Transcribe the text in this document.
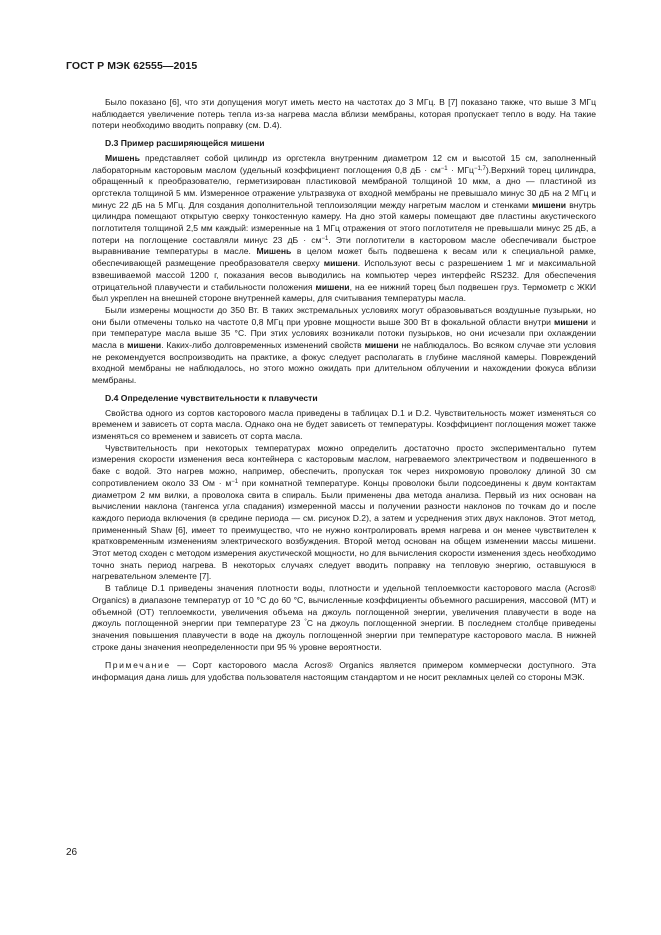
ГОСТ Р МЭК 62555—2015

Было показано [6], что эти допущения могут иметь место на частотах до 3 МГц. В [7] показано также, что выше 3 МГц наблюдается увеличение потерь тепла из-за нагрева масла вблизи мембраны, которая пропускает тепло в воду. На такие потери необходимо вводить поправку (см. D.4).

D.3 Пример расширяющейся мишени

Мишень представляет собой цилиндр из оргстекла внутренним диаметром 12 см и высотой 15 см, заполненный лабораторным касторовым маслом (удельный коэффициент поглощения 0,8 дБ · $см^{-1}$ · МГц$^{-1,7}$).Верхний торец цилиндра, обращенный к преобразователю, герметизирован пластиковой мембраной толщиной 10 мкм, а дно — пластиной из оргстекла толщиной 5 мм. Измеренное отражение ультразвука от входной мембраны не превышало минус 30 дБ на 2 МГц и минус 22 дБ на 5 МГц. Для создания дополнительной теплоизоляции между нагретым маслом и стенками мишени внутрь цилиндра помещают открытую сверху тонкостенную камеру. На дно этой камеры помещают две пластины акустического поглотителя толщиной 2,5 мм каждый: измеренные на 1 МГц отражения от этого поглотителя не превышали минус 25 дБ, а потери на поглощение составляли минус 23 дБ · $см^{-1}$. Эти поглотители в касторовом масле обеспечивали быстрое выравнивание температуры в масле. Мишень в целом может быть подвешена к весам или к специальной рамке, обеспечивающей размещение преобразователя сверху мишени. Используют весы с разрешением 1 мг и максимальной взвешиваемой массой 1200 г, показания весов выводились на компьютер через интерфейс RS232. Для обеспечения отрицательной плавучести и стабильности положения мишени, на ее нижний торец был подвешен груз. Термометр с ЖКИ был укреплен на внешней стороне внутренней камеры, для считывания температуры масла.

Были измерены мощности до 350 Вт. В таких экстремальных условиях могут образовываться воздушные пузырьки, но они были отмечены только на частоте 0,8 МГц при уровне мощности выше 300 Вт в фокальной области внутри мишени и при температуре масла выше 35 °С. При этих условиях возникали потоки пузырьков, но они исчезали при охлаждении масла в мишени. Каких-либо долговременных изменений свойств мишени не наблюдалось. Во всяком случае эти условия не рекомендуется воспроизводить на практике, а фокус следует располагать в глубине масляной камеры. Повреждений входной мембраны не наблюдалось, но этого можно ожидать при длительном облучении и нахождении фокуса вблизи мембраны.

D.4 Определение чувствительности к плавучести

Свойства одного из сортов касторового масла приведены в таблицах D.1 и D.2. Чувствительность может изменяться со временем и зависеть от сорта масла. Однако она не будет зависеть от температуры. Коэффициент поглощения может также изменяться со временем и зависеть от сорта масла.

Чувствительность при некоторых температурах можно определить достаточно просто экспериментально путем измерения скорости изменения веса контейнера с касторовым маслом, нагреваемого электричеством и подвешенного в баке с водой. Это нагрев можно, например, обеспечить, пропуская ток через нихромовую проволоку длиной 30 см сопротивлением около 33 Ом · $м^{-1}$ при комнатной температуре. Концы проволоки были подсоединены к двум контактам диаметром 2 мм вилки, а проволока свита в спираль. Были применены два метода анализа. Первый из них основан на вычислении наклона (тангенса угла спадания) измеренной массы и получении разности наклонов по точкам до и после каждого периода включения (в средине периода — см. рисунок D.2), а затем и усреднения этих двух наклонов. Этот метод, примененный Shaw [6], имеет то преимущество, что не нужно контролировать время нагрева и он менее чувствителен к кратковременным изменениям электрического возбуждения. Второй метод основан на общем изменении массы мишени. Этот метод сходен с методом измерения акустической мощности, но для вычисления скорости изменения здесь необходимо точно знать период нагрева. В некоторых случаях следует вводить поправку на тепловую энергию, оставшуюся в нагревательном элементе [7].

В таблице D.1 приведены значения плотности воды, плотности и удельной теплоемкости касторового масла (Acros® Organics) в диапазоне температур от 10 °С до 60 °С, вычисленные коэффициенты объемного расширения, массовой (МТ) и объемной (ОТ) теплоемкости, увеличения объема на джоуль поглощенной энергии, увеличения плавучести в воде на джоуль поглощенной энергии при температуре 23 °С на джоуль поглощенной энергии. В последнем столбце приведены значения повышения плавучести в воде на джоуль поглощенной энергии при температуре касторового масла. В нижней строке даны значения неопределенности при 95 % уровне вероятности.

Примечание — Сорт касторового масла Acros® Organics является примером коммерчески доступного. Эта информация дана лишь для удобства пользователя настоящим стандартом и не носит рекламных целей со стороны МЭК.

26
